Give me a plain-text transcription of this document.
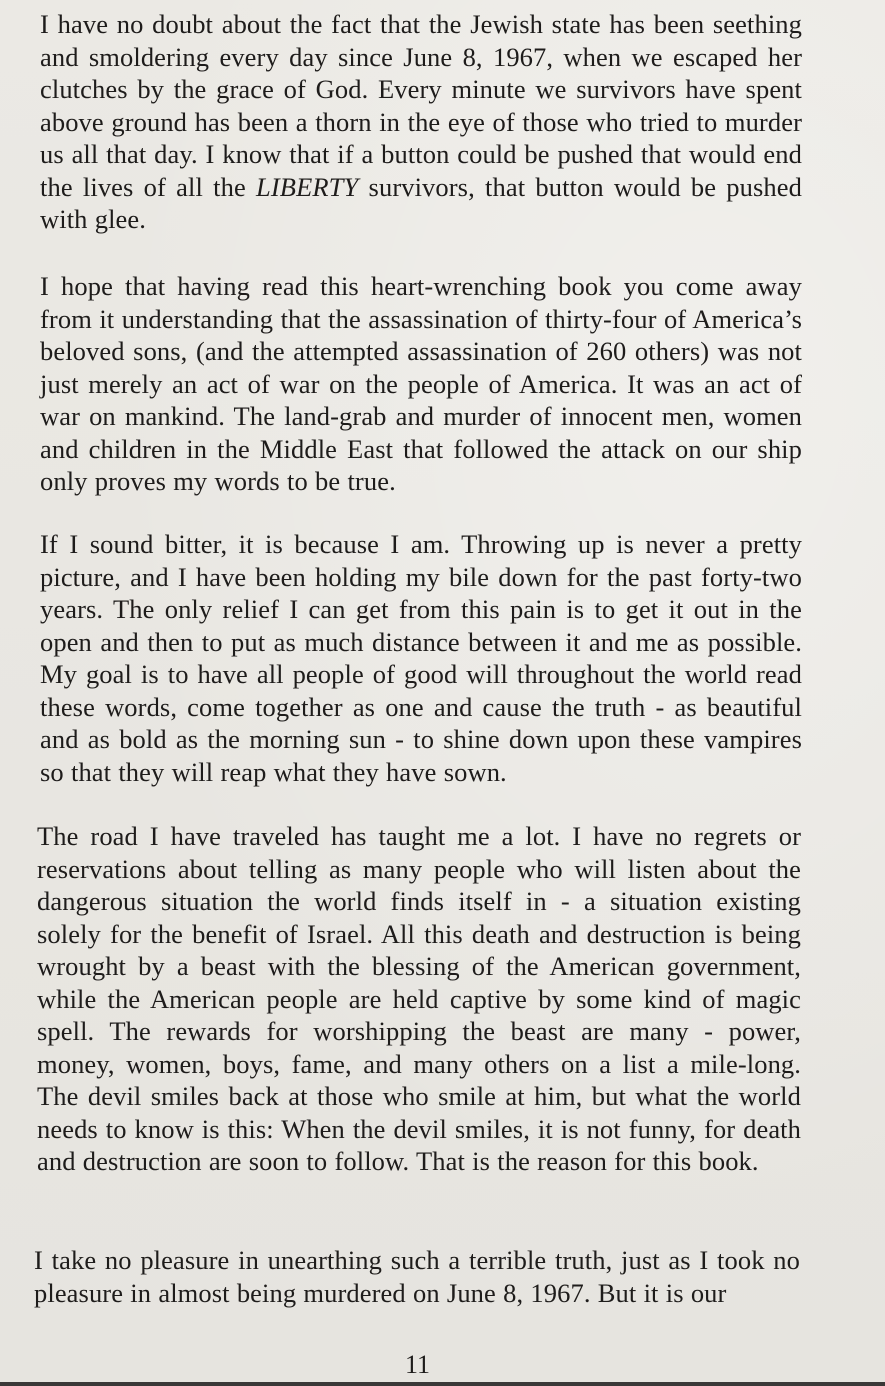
I have no doubt about the fact that the Jewish state has been seething and smoldering every day since June 8, 1967, when we escaped her clutches by the grace of God. Every minute we survivors have spent above ground has been a thorn in the eye of those who tried to murder us all that day. I know that if a button could be pushed that would end the lives of all the LIBERTY survivors, that button would be pushed with glee.

I hope that having read this heart-wrenching book you come away from it understanding that the assassination of thirty-four of America’s beloved sons, (and the attempted assassination of 260 others) was not just merely an act of war on the people of America. It was an act of war on mankind. The land-grab and murder of innocent men, women and children in the Middle East that followed the attack on our ship only proves my words to be true.

If I sound bitter, it is because I am. Throwing up is never a pretty picture, and I have been holding my bile down for the past forty-two years. The only relief I can get from this pain is to get it out in the open and then to put as much distance between it and me as possible. My goal is to have all people of good will throughout the world read these words, come together as one and cause the truth - as beautiful and as bold as the morning sun - to shine down upon these vampires so that they will reap what they have sown.

The road I have traveled has taught me a lot. I have no regrets or reservations about telling as many people who will listen about the dangerous situation the world finds itself in - a situation existing solely for the benefit of Israel. All this death and destruction is being wrought by a beast with the blessing of the American government, while the American people are held captive by some kind of magic spell. The rewards for worshipping the beast are many - power, money, women, boys, fame, and many others on a list a mile-long. The devil smiles back at those who smile at him, but what the world needs to know is this: When the devil smiles, it is not funny, for death and destruction are soon to follow. That is the reason for this book.

I take no pleasure in unearthing such a terrible truth, just as I took no pleasure in almost being murdered on June 8, 1967. But it is our

11
